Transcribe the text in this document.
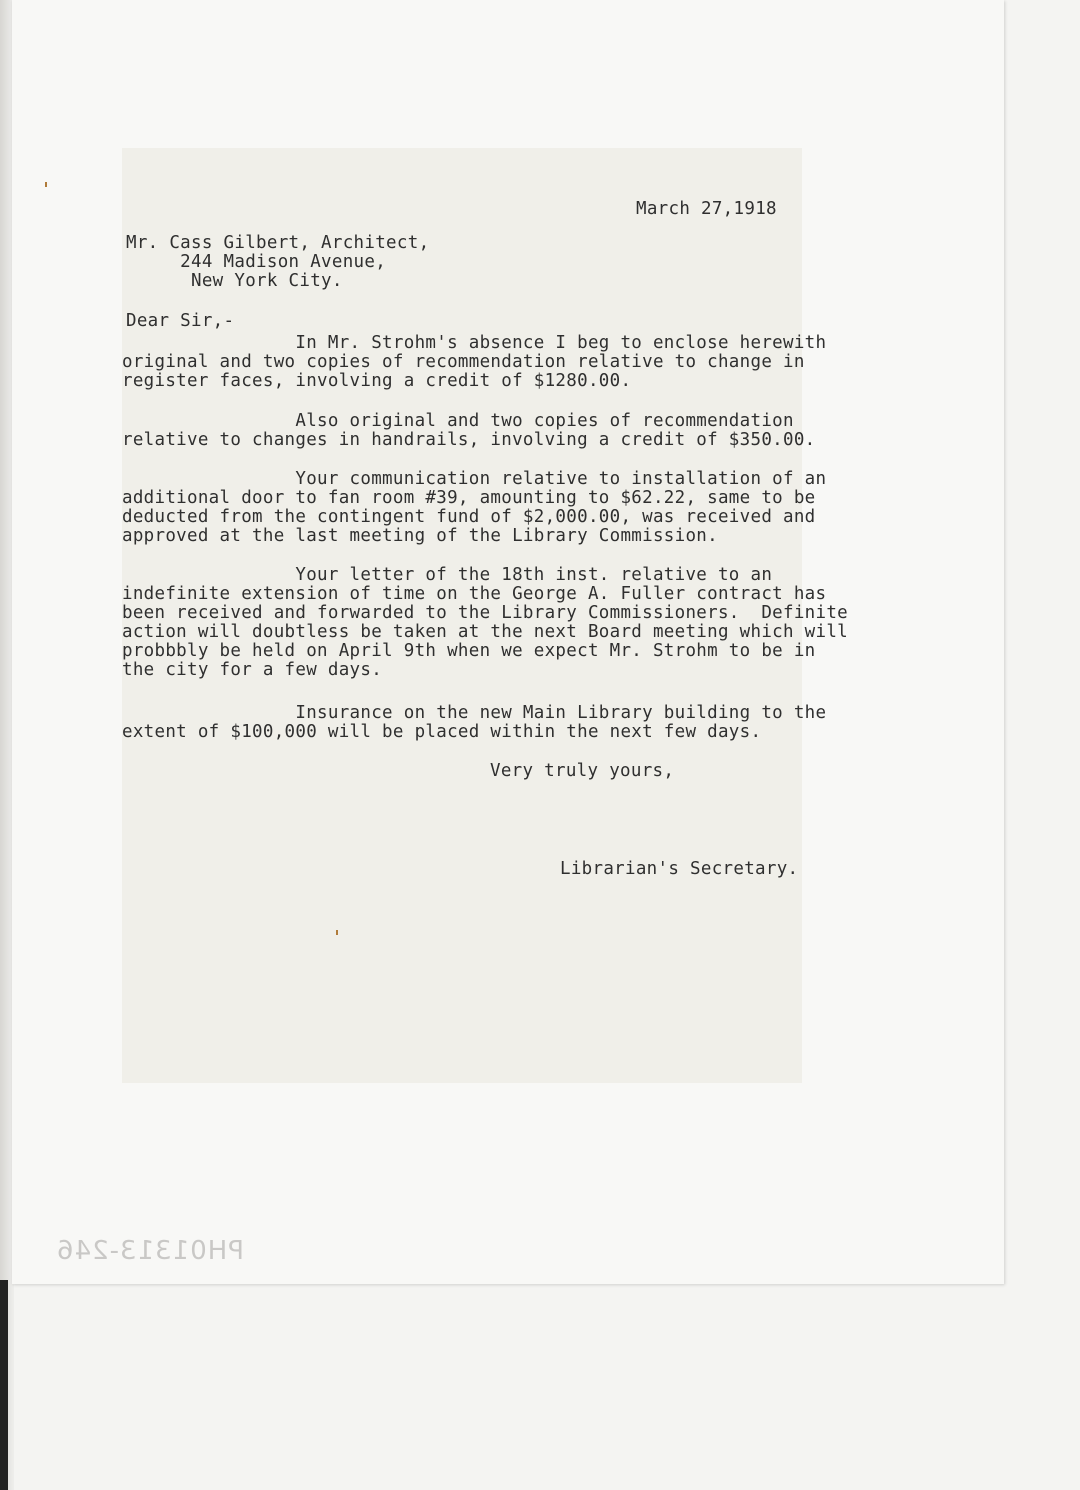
March 27,1918
Mr. Cass Gilbert, Architect,
244 Madison Avenue,
New York City.
Dear Sir,-
In Mr. Strohm's absence I beg to enclose herewith
original and two copies of recommendation relative to change in
register faces, involving a credit of $1280.00.
Also original and two copies of recommendation
relative to changes in handrails, involving a credit of $350.00.
Your communication relative to installation of an
additional door to fan room #39, amounting to $62.22, same to be
deducted from the contingent fund of $2,000.00, was received and
approved at the last meeting of the Library Commission.
Your letter of the 18th inst. relative to an
indefinite extension of time on the George A. Fuller contract has
been received and forwarded to the Library Commissioners.  Definite
action will doubtless be taken at the next Board meeting which will
probbbly be held on April 9th when we expect Mr. Strohm to be in
the city for a few days.
Insurance on the new Main Library building to the
extent of $100,000 will be placed within the next few days.
Very truly yours,
Librarian's Secretary.
PH01313-246
